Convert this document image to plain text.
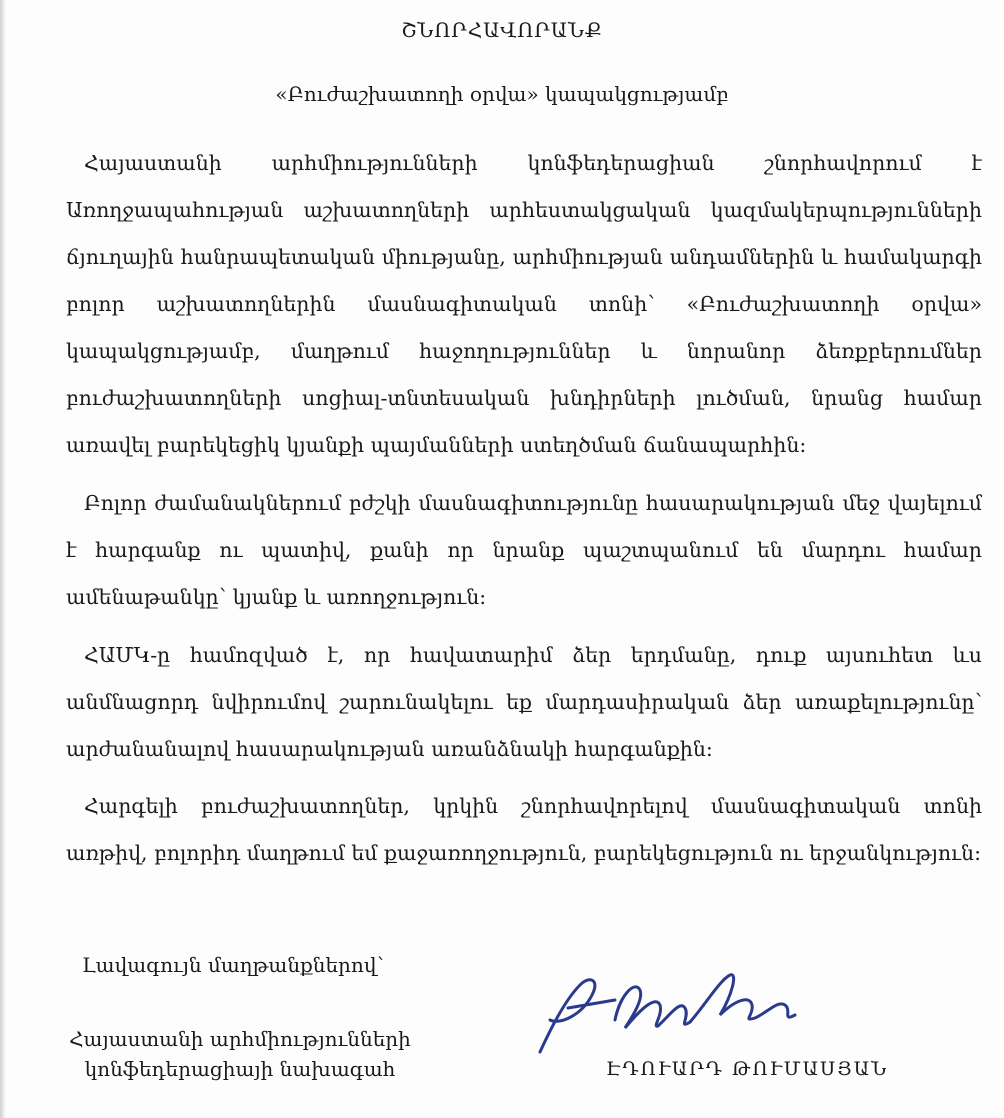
ՇՆՈՐՀԱՎՈՐԱՆՔ
«Բուժաշխատողի օրվա» կապակցությամբ

Հայաստանի արհմիությունների կոնֆեդերացիան շնորհավորում է Առողջապահության աշխատողների արհեստակցական կազմակերպությունների ճյուղային հանրապետական միությանը, արհմիության անդամներին և համակարգի բոլոր աշխատողներին մասնագիտական տոնի՝ «Բուժաշխատողի օրվա» կապակցությամբ, մաղթում հաջողություններ և նորանոր ձեռքբերումներ բուժաշխատողների սոցիալ-տնտեսական խնդիրների լուծման, նրանց համար առավել բարեկեցիկ կյանքի պայմանների ստեղծման ճանապարհին:

Բոլոր ժամանակներում բժշկի մասնագիտությունը հասարակության մեջ վայելում է հարգանք ու պատիվ, քանի որ նրանք պաշտպանում են մարդու համար ամենաթանկը՝ կյանք և առողջություն:

ՀԱՄԿ-ը համոզված է, որ հավատարիմ ձեր երդմանը, դուք այսուհետ ևս անմնացորդ նվիրումով շարունակելու եք մարդասիրական ձեր առաքելությունը՝ արժանանալով հասարակության առանձնակի հարգանքին:

Հարգելի բուժաշխատողներ, կրկին շնորհավորելով մասնագիտական տոնի առթիվ, բոլորիդ մաղթում եմ քաջառողջություն, բարեկեցություն ու երջանկություն:

Լավագույն մաղթանքներով՝
Հայաստանի արհմիությունների
կոնֆեդերացիայի նախագահ	ԷԴՈՒԱՐԴ ԹՈՒՄԱՍՅԱՆ
